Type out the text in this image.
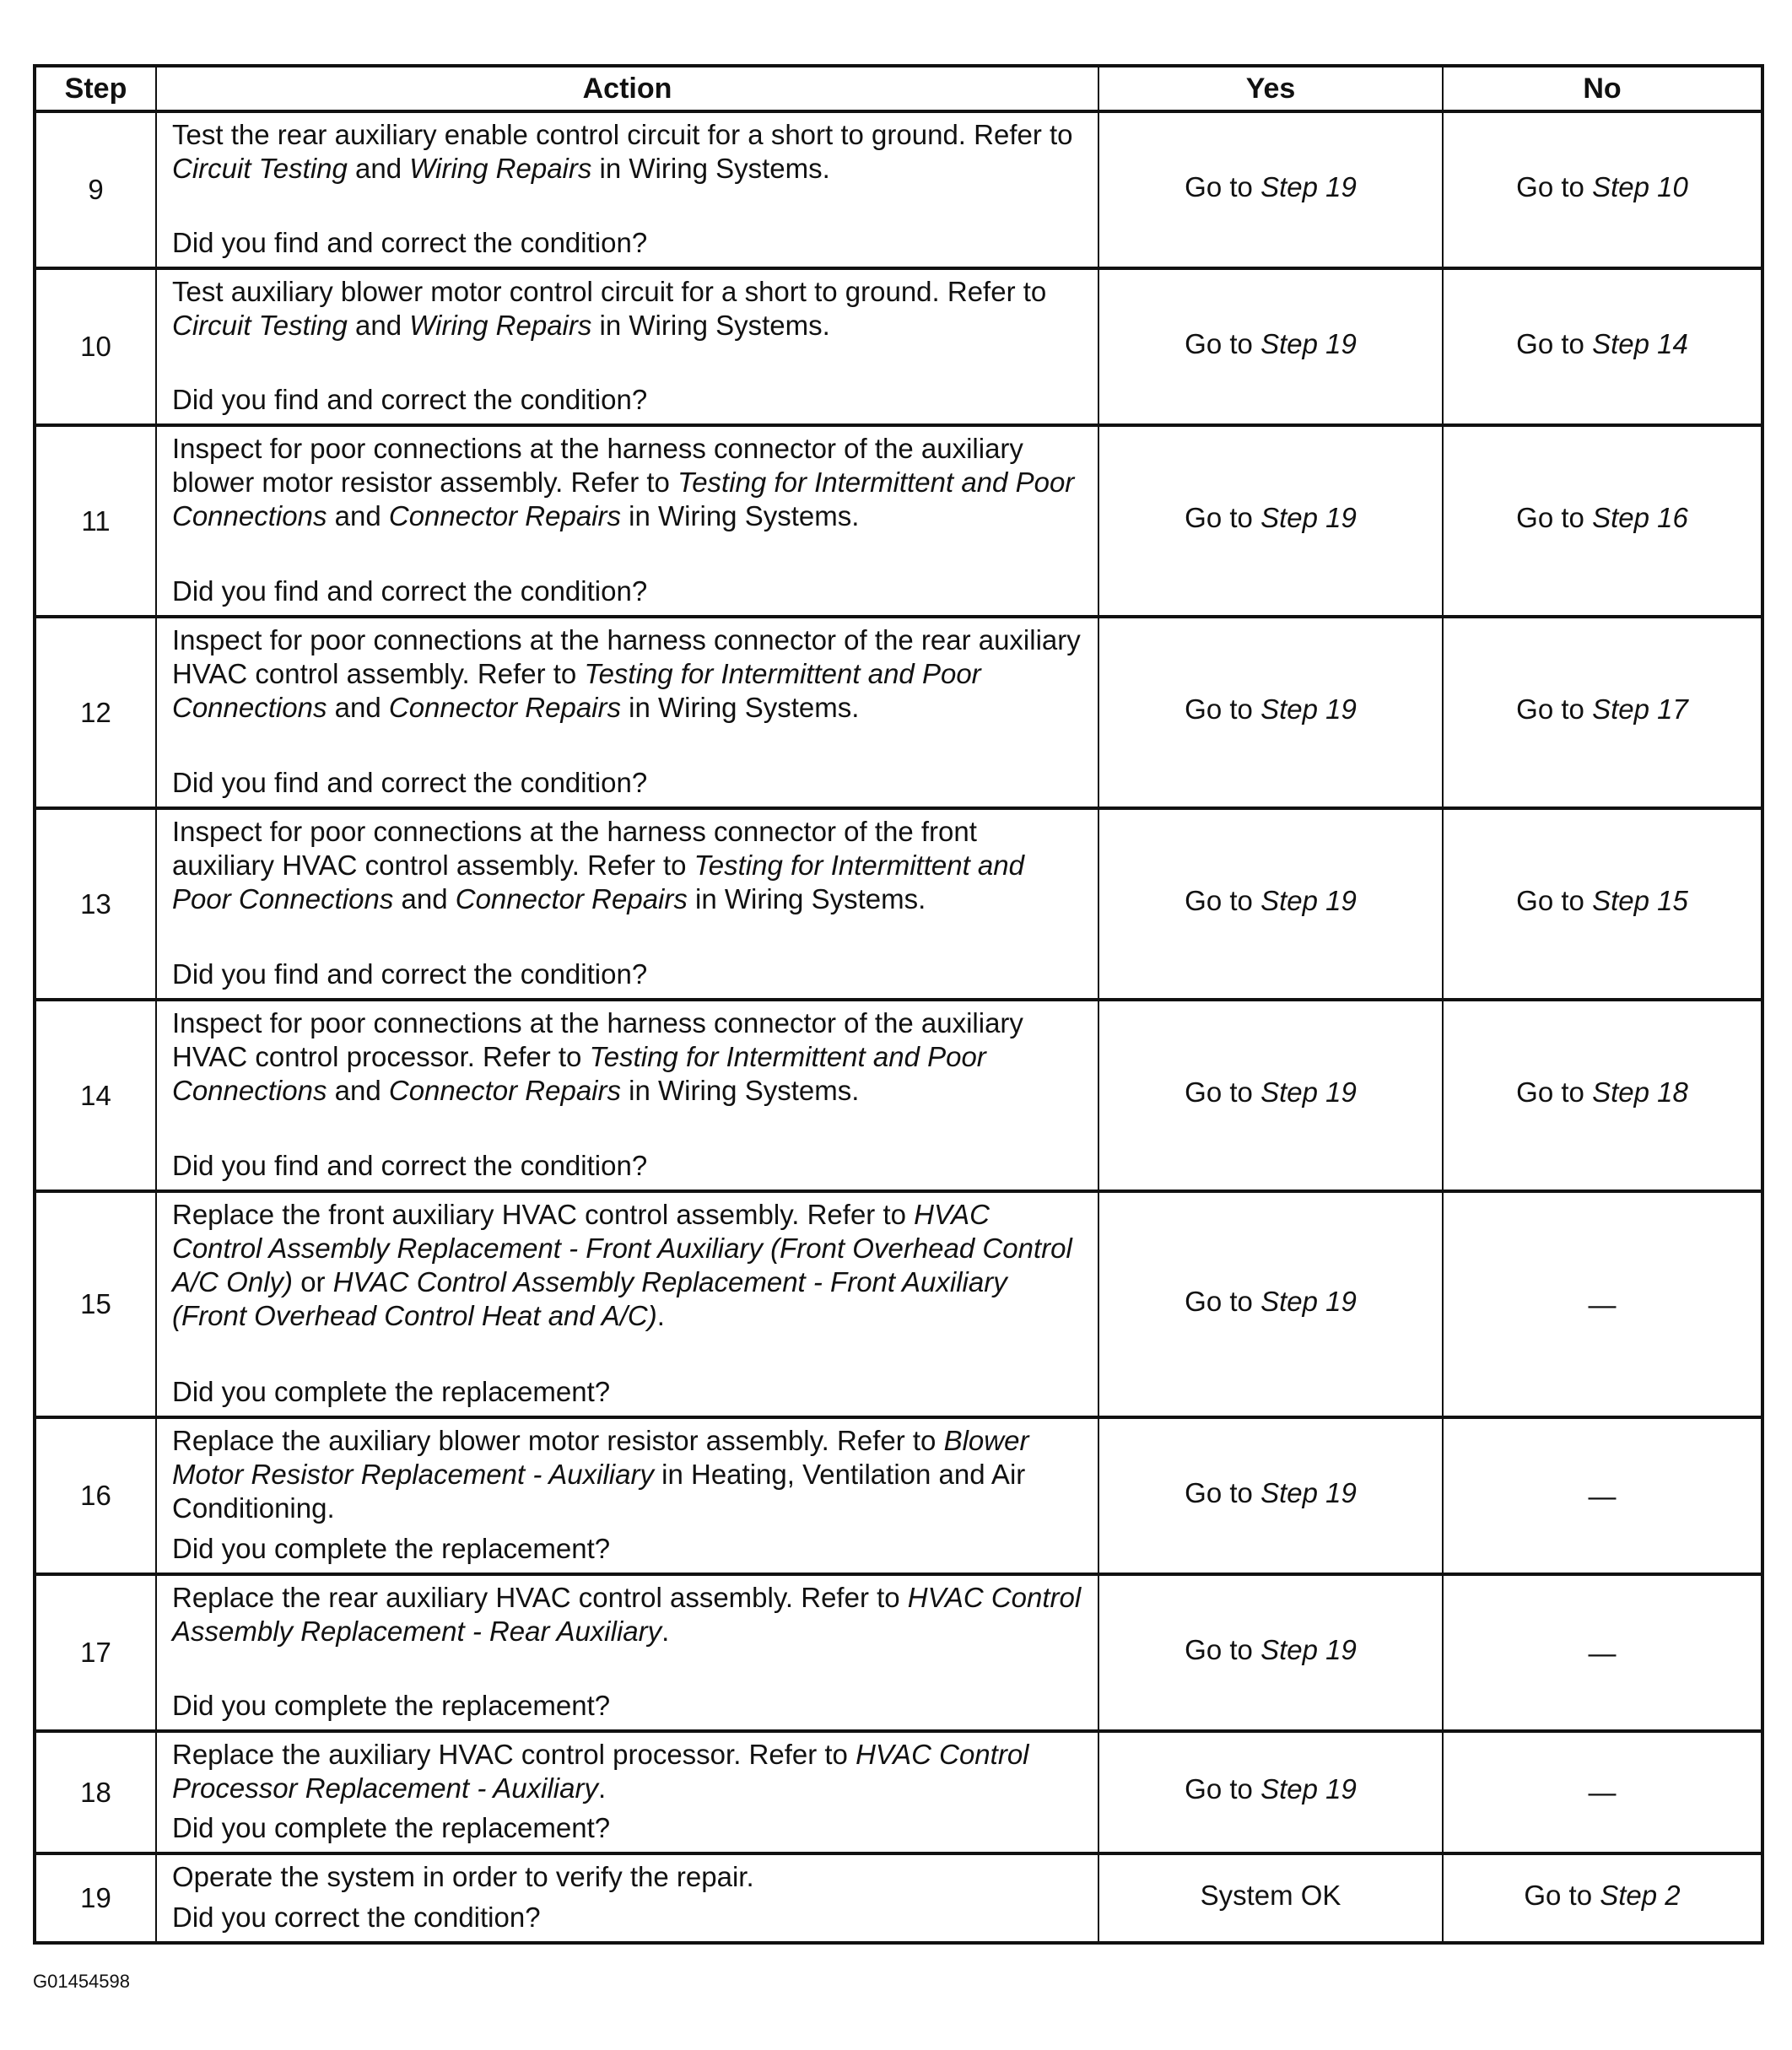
Step	Action	Yes	No
9	Test the rear auxiliary enable control circuit for a short to ground. Refer to Circuit Testing and Wiring Repairs in Wiring Systems.
Did you find and correct the condition?	Go to Step 19	Go to Step 10
10	Test auxiliary blower motor control circuit for a short to ground. Refer to Circuit Testing and Wiring Repairs in Wiring Systems.
Did you find and correct the condition?	Go to Step 19	Go to Step 14
11	Inspect for poor connections at the harness connector of the auxiliary blower motor resistor assembly. Refer to Testing for Intermittent and Poor Connections and Connector Repairs in Wiring Systems.
Did you find and correct the condition?	Go to Step 19	Go to Step 16
12	Inspect for poor connections at the harness connector of the rear auxiliary HVAC control assembly. Refer to Testing for Intermittent and Poor Connections and Connector Repairs in Wiring Systems.
Did you find and correct the condition?	Go to Step 19	Go to Step 17
13	Inspect for poor connections at the harness connector of the front auxiliary HVAC control assembly. Refer to Testing for Intermittent and Poor Connections and Connector Repairs in Wiring Systems.
Did you find and correct the condition?	Go to Step 19	Go to Step 15
14	Inspect for poor connections at the harness connector of the auxiliary HVAC control processor. Refer to Testing for Intermittent and Poor Connections and Connector Repairs in Wiring Systems.
Did you find and correct the condition?	Go to Step 19	Go to Step 18
15	Replace the front auxiliary HVAC control assembly. Refer to HVAC Control Assembly Replacement - Front Auxiliary (Front Overhead Control A/C Only) or HVAC Control Assembly Replacement - Front Auxiliary (Front Overhead Control Heat and A/C).
Did you complete the replacement?	Go to Step 19	—
16	Replace the auxiliary blower motor resistor assembly. Refer to Blower Motor Resistor Replacement - Auxiliary in Heating, Ventilation and Air Conditioning.
Did you complete the replacement?	Go to Step 19	—
17	Replace the rear auxiliary HVAC control assembly. Refer to HVAC Control Assembly Replacement - Rear Auxiliary.
Did you complete the replacement?	Go to Step 19	—
18	Replace the auxiliary HVAC control processor. Refer to HVAC Control Processor Replacement - Auxiliary.
Did you complete the replacement?	Go to Step 19	—
19	Operate the system in order to verify the repair.
Did you correct the condition?	System OK	Go to Step 2
G01454598
